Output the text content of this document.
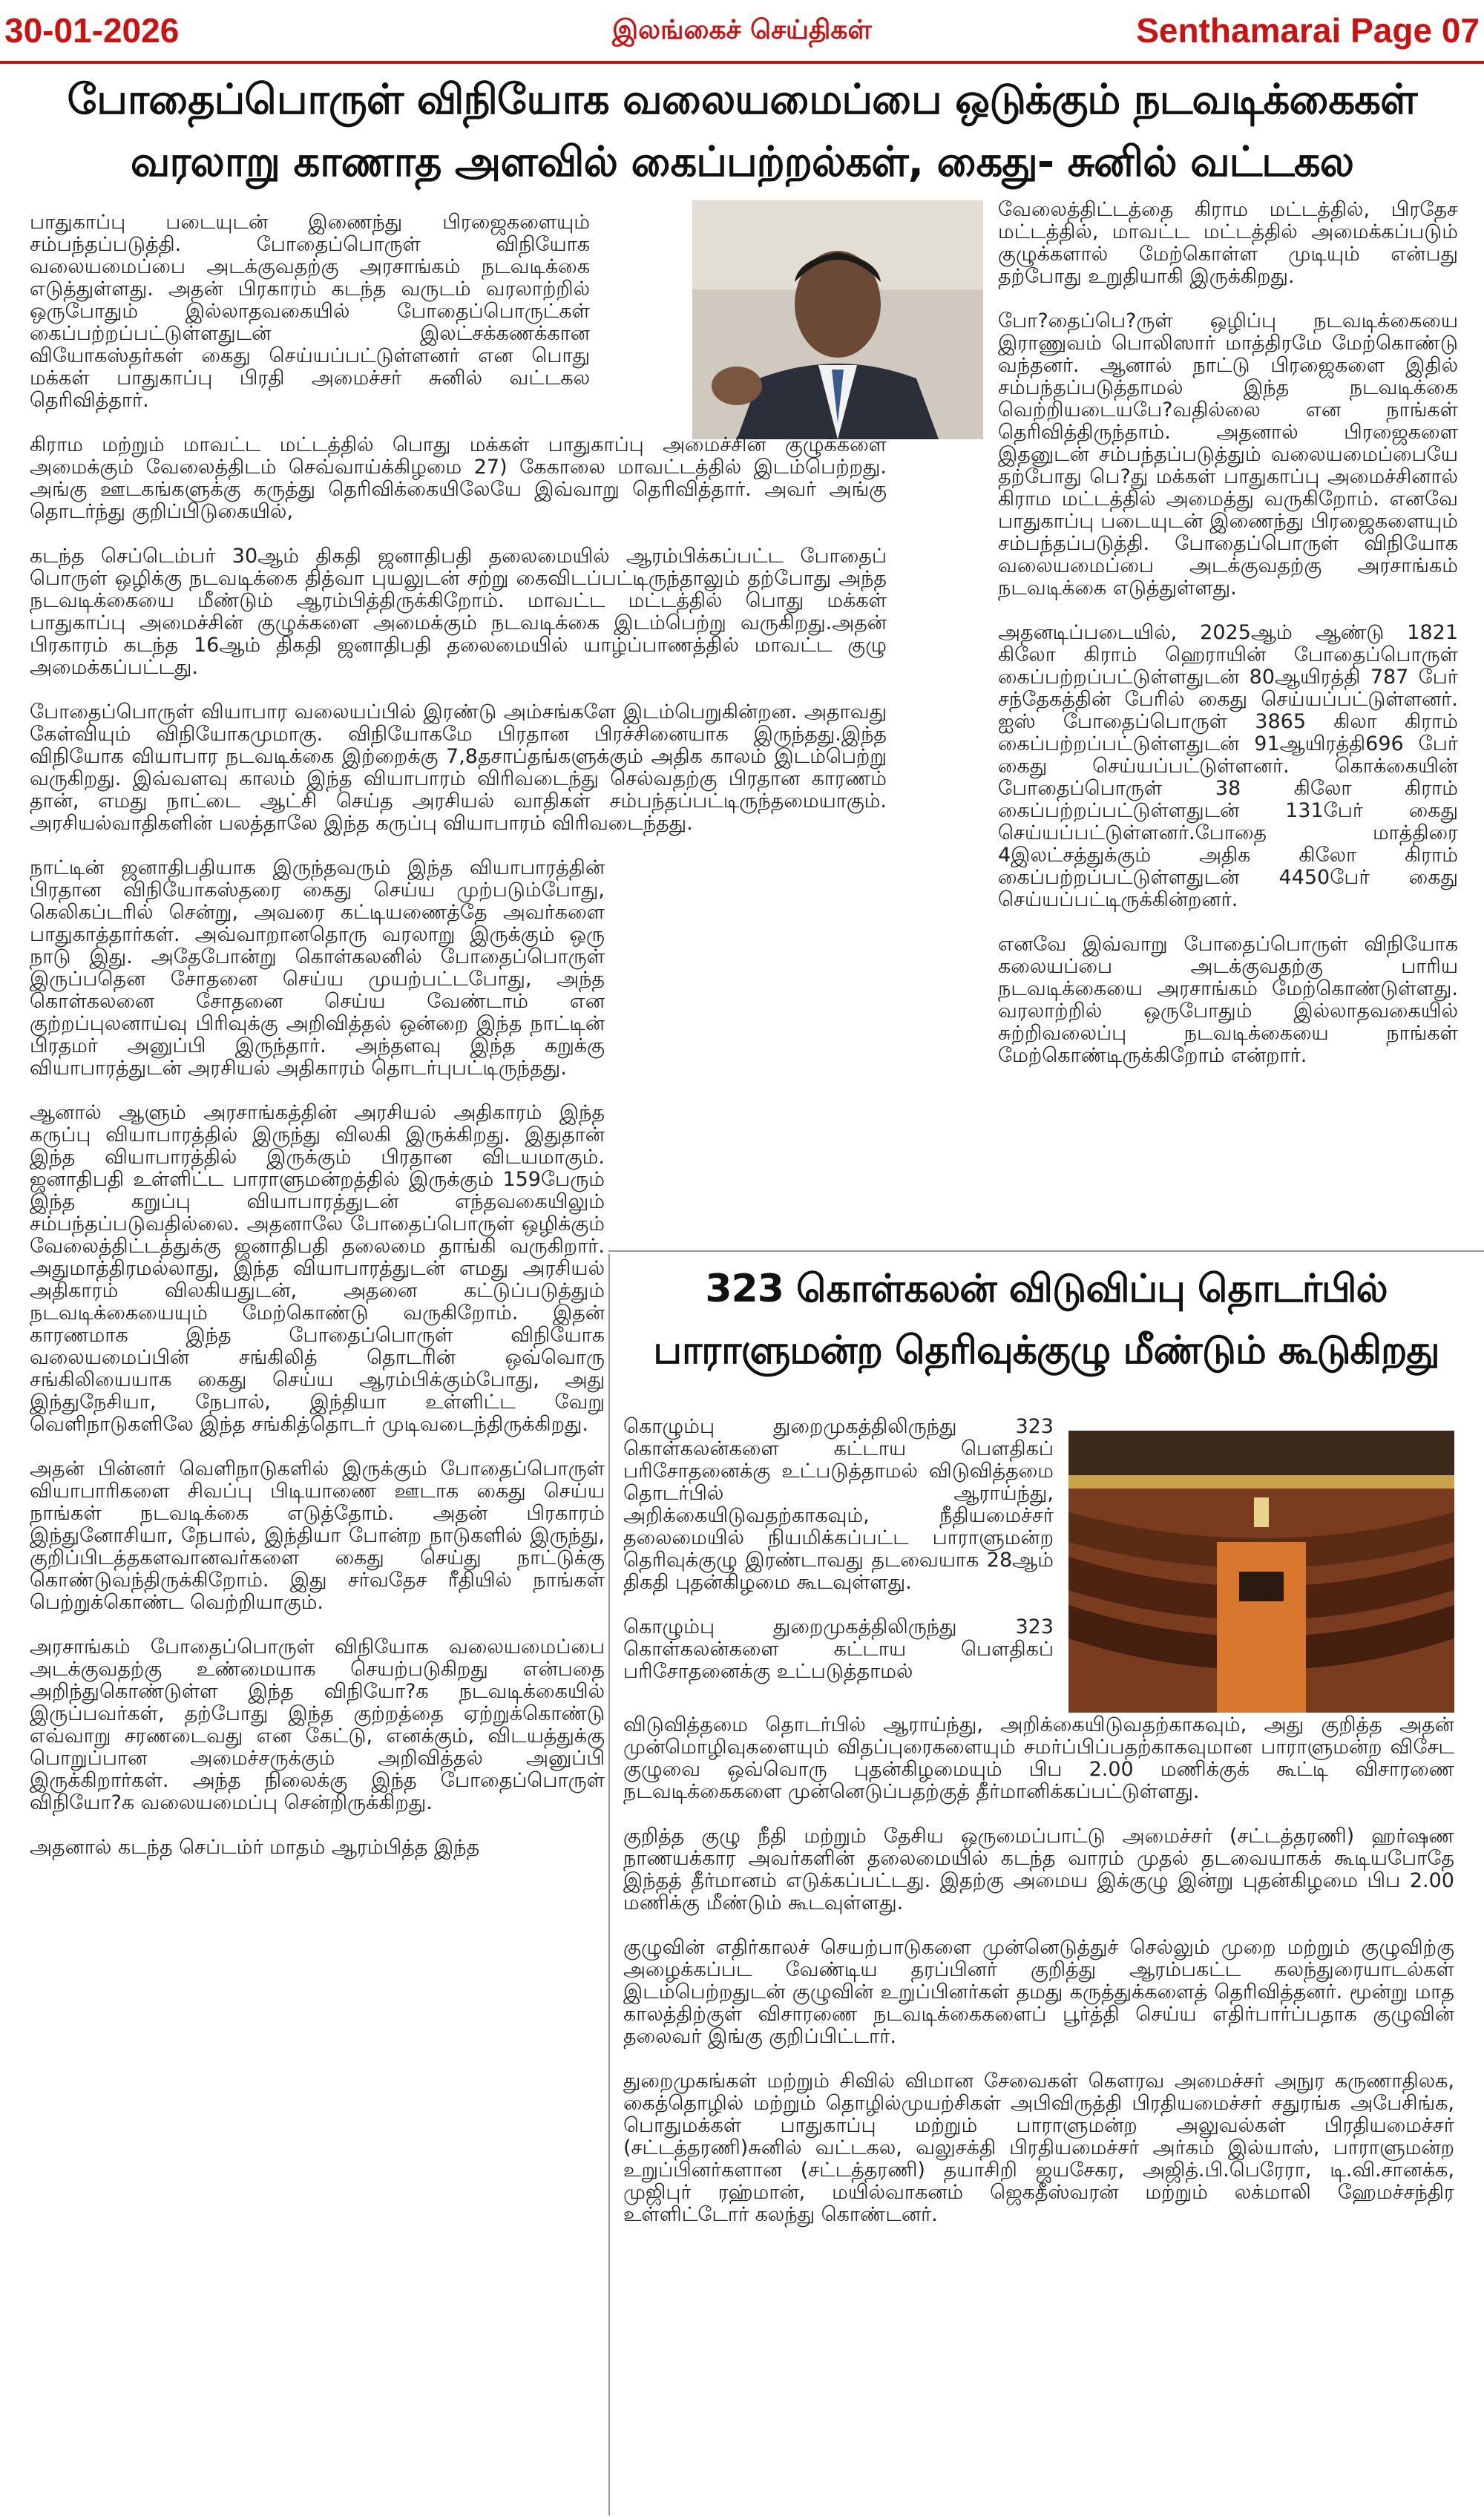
30-01-2026	இலங்கைச் செய்திகள்	Senthamarai Page 07
போதைப்பொருள் விநியோக வலையமைப்பை ஒடுக்கும் நடவடிக்கைகள்
வரலாறு காணாத அளவில் கைப்பற்றல்கள், கைது- சுனில் வட்டகல

பாதுகாப்பு படையுடன் இணைந்து பிரஜைகளையும் சம்பந்தப்படுத்தி. போதைப்பொருள் விநியோக வலையமைப்பை அடக்குவதற்கு அரசாங்கம் நடவடிக்கை எடுத்துள்ளது. அதன் பிரகாரம் கடந்த வருடம் வரலாற்றில் ஒருபோதும் இல்லாதவகையில் போதைப்பொருட்கள் கைப்பற்றப்பட்டுள்ளதுடன் இலட்சக்கணக்கான வியோகஸ்தர்கள் கைது செய்யப்பட்டுள்ளனர் என பொது மக்கள் பாதுகாப்பு பிரதி அமைச்சர் சுனில் வட்டகல தெரிவித்தார்.

கிராம மற்றும் மாவட்ட மட்டத்தில் பொது மக்கள் பாதுகாப்பு அமைச்சின் குழுக்களை அமைக்கும் வேலைத்திடம் செவ்வாய்க்கிழமை 27) கேகாலை மாவட்டத்தில் இடம்பெற்றது. அங்கு ஊடகங்களுக்கு கருத்து தெரிவிக்கையிலேயே இவ்வாறு தெரிவித்தார். அவர் அங்கு தொடர்ந்து குறிப்பிடுகையில்,

கடந்த செப்டெம்பர் 30ஆம் திகதி ஜனாதிபதி தலைமையில் ஆரம்பிக்கப்பட்ட போதைப் பொருள் ஒழிக்கு நடவடிக்கை தித்வா புயலுடன் சற்று கைவிடப்பட்டிருந்தாலும் தற்போது அந்த நடவடிக்கையை மீண்டும் ஆரம்பித்திருக்கிறோம். மாவட்ட மட்டத்தில் பொது மக்கள் பாதுகாப்பு அமைச்சின் குழுக்களை அமைக்கும் நடவடிக்கை இடம்பெற்று வருகிறது.அதன் பிரகாரம் கடந்த 16ஆம் திகதி ஜனாதிபதி தலைமையில் யாழ்ப்பாணத்தில் மாவட்ட குழு அமைக்கப்பட்டது.

போதைப்பொருள் வியாபார வலையப்பில் இரண்டு அம்சங்களே இடம்பெறுகின்றன. அதாவது கேள்வியும் விநியோகமுமாகு. விநியோகமே பிரதான பிரச்சினையாக இருந்தது.இந்த விநியோக வியாபார நடவடிக்கை இற்றைக்கு 7,8தசாப்தங்களுக்கும் அதிக காலம் இடம்பெற்று வருகிறது. இவ்வளவு காலம் இந்த வியாபாரம் விரிவடைந்து செல்வதற்கு பிரதான காரணம் தான், எமது நாட்டை ஆட்சி செய்த அரசியல் வாதிகள் சம்பந்தப்பட்டிருந்தமையாகும். அரசியல்வாதிகளின் பலத்தாலே இந்த கருப்பு வியாபாரம் விரிவடைந்தது.

நாட்டின் ஜனாதிபதியாக இருந்தவரும் இந்த வியாபாரத்தின் பிரதான விநியோகஸ்தரை கைது செய்ய முற்படும்போது, கெலிகப்டரில் சென்று, அவரை கட்டியணைத்தே அவர்களை பாதுகாத்தார்கள். அவ்வாறானதொரு வரலாறு இருக்கும் ஒரு நாடு இது. அதேபோன்று கொள்கலனில் போதைப்பொருள் இருப்பதென சோதனை செய்ய முயற்பட்டபோது, அந்த கொள்கலனை சோதனை செய்ய வேண்டாம் என குற்றப்புலனாய்வு பிரிவுக்கு அறிவித்தல் ஒன்றை இந்த நாட்டின் பிரதமர் அனுப்பி இருந்தார். அந்தளவு இந்த கறுக்கு வியாபாரத்துடன் அரசியல் அதிகாரம் தொடர்புபட்டிருந்தது.

ஆனால் ஆளும் அரசாங்கத்தின் அரசியல் அதிகாரம் இந்த கருப்பு வியாபாரத்தில் இருந்து விலகி இருக்கிறது. இதுதான் இந்த வியாபாரத்தில் இருக்கும் பிரதான விடயமாகும். ஜனாதிபதி உள்ளிட்ட பாராளுமன்றத்தில் இருக்கும் 159பேரும் இந்த கறுப்பு வியாபாரத்துடன் எந்தவகையிலும் சம்பந்தப்படுவதில்லை. அதனாலே போதைப்பொருள் ஒழிக்கும் வேலைத்திட்டத்துக்கு ஜனாதிபதி தலைமை தாங்கி வருகிறார். அதுமாத்திரமல்லாது, இந்த வியாபாரத்துடன் எமது அரசியல் அதிகாரம் விலகியதுடன், அதனை கட்டுப்படுத்தும் நடவடிக்கையையும் மேற்கொண்டு வருகிறோம். இதன் காரணமாக இந்த போதைப்பொருள் விநியோக வலையமைப்பின் சங்கிலித் தொடரின் ஒவ்வொரு சங்கிலியையாக கைது செய்ய ஆரம்பிக்கும்போது, அது இந்துநேசியா, நேபால், இந்தியா உள்ளிட்ட வேறு வெளிநாடுகளிலே இந்த சங்கித்தொடர் முடிவடைந்திருக்கிறது.

அதன் பின்னர் வெளிநாடுகளில் இருக்கும் போதைப்பொருள் வியாபாரிகளை சிவப்பு பிடியாணை ஊடாக கைது செய்ய நாங்கள் நடவடிக்கை எடுத்தோம். அதன் பிரகாரம் இந்துனோசியா, நேபால், இந்தியா போன்ற நாடுகளில் இருந்து, குறிப்பிடத்தகளவானவர்களை கைது செய்து நாட்டுக்கு கொண்டுவந்திருக்கிறோம். இது சர்வதேச ரீதியில் நாங்கள் பெற்றுக்கொண்ட வெற்றியாகும்.

அரசாங்கம் போதைப்பொருள் விநியோக வலையமைப்பை அடக்குவதற்கு உண்மையாக செயற்படுகிறது என்பதை அறிந்துகொண்டுள்ள இந்த விநியோ?க நடவடிக்கையில் இருப்பவர்கள், தற்போது இந்த குற்றத்தை ஏற்றுக்கொண்டு எவ்வாறு சரணடைவது என கேட்டு, எனக்கும், விடயத்துக்கு பொறுப்பான அமைச்சருக்கும் அறிவித்தல் அனுப்பி இருக்கிறார்கள். அந்த நிலைக்கு இந்த போதைப்பொருள் விநியோ?க வலையமைப்பு சென்றிருக்கிறது.

அதனால் கடந்த செப்டம்ர் மாதம் ஆரம்பித்த இந்த

வேலைத்திட்டத்தை கிராம மட்டத்தில், பிரதேச மட்டத்தில், மாவட்ட மட்டத்தில் அமைக்கப்படும் குழுக்களால் மேற்கொள்ள முடியும் என்பது தற்போது உறுதியாகி இருக்கிறது.

போ?தைப்பெ?ருள் ஒழிப்பு நடவடிக்கையை இராணுவம் பொலிஸார் மாத்திரமே மேற்கொண்டு வந்தனர். ஆனால் நாட்டு பிரஜைகளை இதில் சம்பந்தப்படுத்தாமல் இந்த நடவடிக்கை வெற்றியடையபே?வதில்லை என நாங்கள் தெரிவித்திருந்தாம். அதனால் பிரஜைகளை இதனுடன் சம்பந்தப்படுத்தும் வலையமைப்பையே தற்போது பெ?து மக்கள் பாதுகாப்பு அமைச்சினால் கிராம மட்டத்தில் அமைத்து வருகிறோம். எனவே பாதுகாப்பு படையுடன் இணைந்து பிரஜைகளையும் சம்பந்தப்படுத்தி. போதைப்பொருள் விநியோக வலையமைப்பை அடக்குவதற்கு அரசாங்கம் நடவடிக்கை எடுத்துள்ளது.

அதனடிப்படையில், 2025ஆம் ஆண்டு 1821 கிலோ கிராம் ஹெராயின் போதைப்பொருள் கைப்பற்றப்பட்டுள்ளதுடன் 80ஆயிரத்தி 787 பேர் சந்தேகத்தின் பேரில் கைது செய்யப்பட்டுள்ளனர். ஐஸ் போதைப்பொருள் 3865 கிலா கிராம் கைப்பற்றப்பட்டுள்ளதுடன் 91ஆயிரத்தி696 பேர் கைது செய்யப்பட்டுள்ளனர். கொக்கையின் போதைப்பொருள் 38 கிலோ கிராம் கைப்பற்றப்பட்டுள்ளதுடன் 131பேர் கைது செய்யப்பட்டுள்ளனர்.போதை மாத்திரை 4இலட்சத்துக்கும் அதிக கிலோ கிராம் கைப்பற்றப்பட்டுள்ளதுடன் 4450பேர் கைது செய்யப்பட்டிருக்கின்றனர்.

எனவே இவ்வாறு போதைப்பொருள் விநியோக கலையப்பை அடக்குவதற்கு பாரிய நடவடிக்கையை அரசாங்கம் மேற்கொண்டுள்ளது. வரலாற்றில் ஒருபோதும் இல்லாதவகையில் சுற்றிவலைப்பு நடவடிக்கையை நாங்கள் மேற்கொண்டிருக்கிறோம் என்றார்.

323 கொள்கலன் விடுவிப்பு தொடர்பில்
பாராளுமன்ற தெரிவுக்குழு மீண்டும் கூடுகிறது

கொழும்பு துறைமுகத்திலிருந்து 323 கொள்கலன்களை கட்டாய பௌதிகப் பரிசோதனைக்கு உட்படுத்தாமல் விடுவித்தமை தொடர்பில் ஆராய்ந்து, அறிக்கையிடுவதற்காகவும், நீதியமைச்சர் தலைமையில் நியமிக்கப்பட்ட பாராளுமன்ற தெரிவுக்குழு இரண்டாவது தடவையாக 28ஆம் திகதி புதன்கிழமை கூடவுள்ளது.

கொழும்பு துறைமுகத்திலிருந்து 323 கொள்கலன்களை கட்டாய பௌதிகப் பரிசோதனைக்கு உட்படுத்தாமல்

விடுவித்தமை தொடர்பில் ஆராய்ந்து, அறிக்கையிடுவதற்காகவும், அது குறித்த அதன் முன்மொழிவுகளையும் விதப்புரைகளையும் சமர்ப்பிப்பதற்காகவுமான பாராளுமன்ற விசேட குழுவை ஒவ்வொரு புதன்கிழமையும் பிப 2.00 மணிக்குக் கூட்டி விசாரணை நடவடிக்கைகளை முன்னெடுப்பதற்குத் தீர்மானிக்கப்பட்டுள்ளது.

குறித்த குழு நீதி மற்றும் தேசிய ஒருமைப்பாட்டு அமைச்சர் (சட்டத்தரணி) ஹர்ஷண நாணயக்கார அவர்களின் தலைமையில் கடந்த வாரம் முதல் தடவையாகக் கூடியபோதே இந்தத் தீர்மானம் எடுக்கப்பட்டது. இதற்கு அமைய இக்குழு இன்று புதன்கிழமை பிப 2.00 மணிக்கு மீண்டும் கூடவுள்ளது.

குழுவின் எதிர்காலச் செயற்பாடுகளை முன்னெடுத்துச் செல்லும் முறை மற்றும் குழுவிற்கு அழைக்கப்பட வேண்டிய தரப்பினர் குறித்து ஆரம்பகட்ட கலந்துரையாடல்கள் இடம்பெற்றதுடன் குழுவின் உறுப்பினர்கள் தமது கருத்துக்களைத் தெரிவித்தனர். மூன்று மாத காலத்திற்குள் விசாரணை நடவடிக்கைகளைப் பூர்த்தி செய்ய எதிர்பார்ப்பதாக குழுவின் தலைவர் இங்கு குறிப்பிட்டார்.

துறைமுகங்கள் மற்றும் சிவில் விமான சேவைகள் கௌரவ அமைச்சர் அநுர கருணாதிலக, கைத்தொழில் மற்றும் தொழில்முயற்சிகள் அபிவிருத்தி பிரதியமைச்சர் சதுரங்க அபேசிங்க, பொதுமக்கள் பாதுகாப்பு மற்றும் பாராளுமன்ற அலுவல்கள் பிரதியமைச்சர் (சட்டத்தரணி)சுனில் வட்டகல, வலுசக்தி பிரதியமைச்சர் அர்கம் இல்யாஸ், பாராளுமன்ற உறுப்பினர்களான (சட்டத்தரணி) தயாசிறி ஜயசேகர, அஜித்.பி.பெரேரா, டி.வி.சானக்க, முஜிபுர் ரஹ்மான், மயில்வாகனம் ஜெகதீஸ்வரன் மற்றும் லக்மாலி ஹேமச்சந்திர உள்ளிட்டோர் கலந்து கொண்டனர்.
